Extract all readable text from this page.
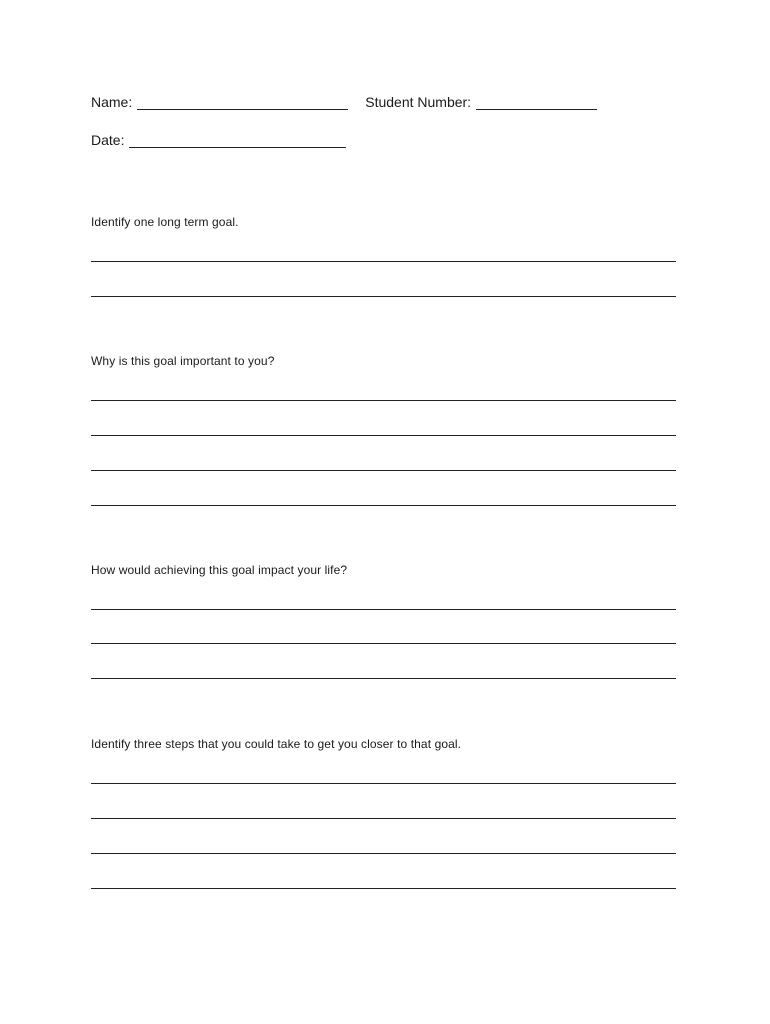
Name:	Student Number:
Date:
Identify one long term goal.
Why is this goal important to you?
How would achieving this goal impact your life?
Identify three steps that you could take to get you closer to that goal.
